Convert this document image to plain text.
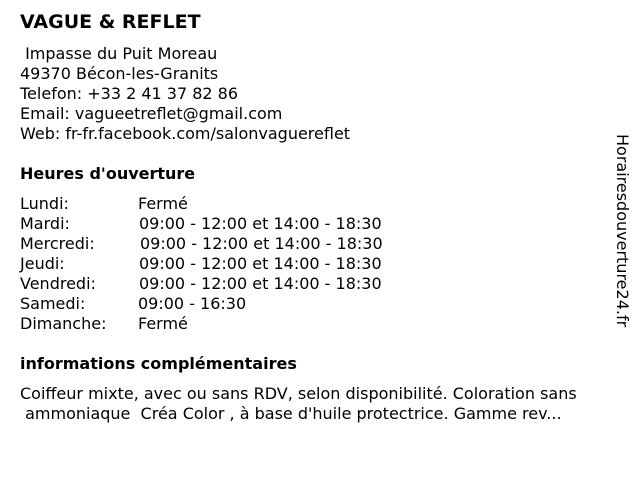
VAGUE & REFLET
Impasse du Puit Moreau
49370 Bécon-les-Granits
Telefon: +33 2 41 37 82 86
Email: vagueetreflet@gmail.com
Web: fr-fr.facebook.com/salonvaguereflet
Heures d'ouverture
Lundi:	Fermé
Mardi:	09:00 - 12:00 et 14:00 - 18:30
Mercredi:	09:00 - 12:00 et 14:00 - 18:30
Jeudi:	09:00 - 12:00 et 14:00 - 18:30
Vendredi:	09:00 - 12:00 et 14:00 - 18:30
Samedi:	09:00 - 16:30
Dimanche: Fermé
informations complémentaires
Coiffeur mixte, avec ou sans RDV, selon disponibilité. Coloration sans
ammoniaque  Créa Color , à base d'huile protectrice. Gamme rev...
Horairesdouverture24.fr
